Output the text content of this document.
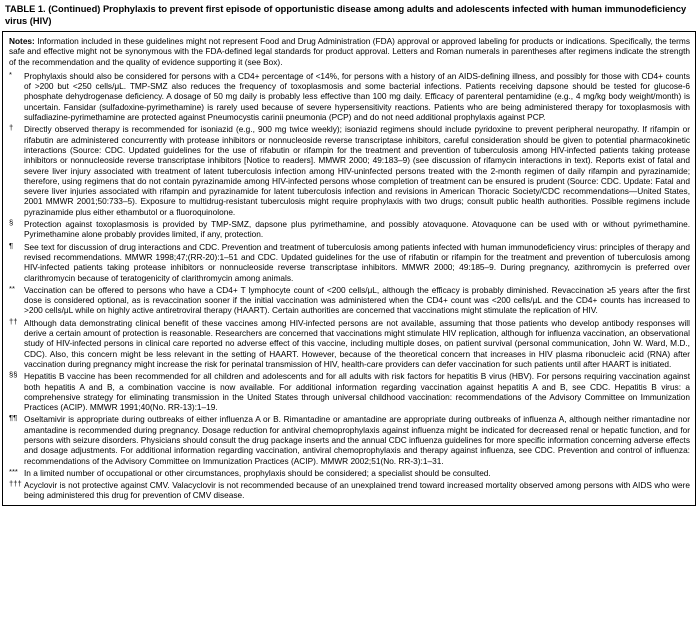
TABLE 1. (Continued) Prophylaxis to prevent first episode of opportunistic disease among adults and adolescents infected with human immunodeficiency virus (HIV)
Notes: Information included in these guidelines might not represent Food and Drug Administration (FDA) approval or approved labeling for products or indications. Specifically, the terms safe and effective might not be synonymous with the FDA-defined legal standards for product approval. Letters and Roman numerals in parentheses after regimens indicate the strength of the recommendation and the quality of evidence supporting it (see Box).
*	Prophylaxis should also be considered for persons with a CD4+ percentage of <14%, for persons with a history of an AIDS-defining illness, and possibly for those with CD4+ counts of >200 but <250 cells/μL. TMP-SMZ also reduces the frequency of toxoplasmosis and some bacterial infections. Patients receiving dapsone should be tested for glucose-6 phosphate dehydrogenase deficiency. A dosage of 50 mg daily is probably less effective than 100 mg daily. Efficacy of parenteral pentamidine (e.g., 4 mg/kg body weight/month) is uncertain. Fansidar (sulfadoxine-pyrimethamine) is rarely used because of severe hypersensitivity reactions. Patients who are being administered therapy for toxoplasmosis with sulfadiazine-pyrimethamine are protected against Pneumocystis carinii pneumonia (PCP) and do not need additional prophylaxis against PCP.
†	Directly observed therapy is recommended for isoniazid (e.g., 900 mg twice weekly); isoniazid regimens should include pyridoxine to prevent peripheral neuropathy. If rifampin or rifabutin are administered concurrently with protease inhibitors or nonnucleoside reverse transcriptase inhibitors, careful consideration should be given to potential pharmacokinetic interactions (Source: CDC. Updated guidelines for the use of rifabutin or rifampin for the treatment and prevention of tuberculosis among HIV-infected patients taking protease inhibitors or nonnucleoside reverse transcriptase inhibitors [Notice to readers]. MMWR 2000; 49:183–9) (see discussion of rifamycin interactions in text). Reports exist of fatal and severe liver injury associated with treatment of latent tuberculosis infection among HIV-uninfected persons treated with the 2-month regimen of daily rifampin and pyrazinamide; therefore, using regimens that do not contain pyrazinamide among HIV-infected persons whose completion of treatment can be ensured is prudent (Source: CDC. Update: Fatal and severe liver injuries associated with rifampin and pyrazinamide for latent tuberculosis infection and revisions in American Thoracic Society/CDC recommendations—United States, 2001 MMWR 2001;50:733–5). Exposure to multidrug-resistant tuberculosis might require prophylaxis with two drugs; consult public health authorities. Possible regimens include pyrazinamide plus either ethambutol or a fluoroquinolone.
§	Protection against toxoplasmosis is provided by TMP-SMZ, dapsone plus pyrimethamine, and possibly atovaquone. Atovaquone can be used with or without pyrimethamine. Pyrimethamine alone probably provides limited, if any, protection.
¶	See text for discussion of drug interactions and CDC. Prevention and treatment of tuberculosis among patients infected with human immunodeficiency virus: principles of therapy and revised recommendations. MMWR 1998;47;(RR-20):1–51 and CDC. Updated guidelines for the use of rifabutin or rifampin for the treatment and prevention of tuberculosis among HIV-infected patients taking protease inhibitors or nonnucleoside reverse transcriptase inhibitors. MMWR 2000; 49:185–9. During pregnancy, azithromycin is preferred over clarithromycin because of teratogenicity of clarithromycin among animals.
**	Vaccination can be offered to persons who have a CD4+ T lymphocyte count of <200 cells/μL, although the efficacy is probably diminished. Revaccination ≥5 years after the first dose is considered optional, as is revaccination sooner if the initial vaccination was administered when the CD4+ count was <200 cells/μL and the CD4+ counts has increased to >200 cells/μL while on highly active antiretroviral therapy (HAART). Certain authorities are concerned that vaccinations might stimulate the replication of HIV.
†† Although data demonstrating clinical benefit of these vaccines among HIV-infected persons are not available, assuming that those patients who develop antibody responses will derive a certain amount of protection is reasonable. Researchers are concerned that vaccinations might stimulate HIV replication, although for influenza vaccination, an observational study of HIV-infected persons in clinical care reported no adverse effect of this vaccine, including multiple doses, on patient survival (personal communication, John W. Ward, M.D., CDC). Also, this concern might be less relevant in the setting of HAART. However, because of the theoretical concern that increases in HIV plasma ribonucleic acid (RNA) after vaccination during pregnancy might increase the risk for perinatal transmission of HIV, health-care providers can defer vaccination for such patients until after HAART is initiated.
§§ Hepatitis B vaccine has been recommended for all children and adolescents and for all adults with risk factors for hepatitis B virus (HBV). For persons requiring vaccination against both hepatitis A and B, a combination vaccine is now available. For additional information regarding vaccination against hepatitis A and B, see CDC. Hepatitis B virus: a comprehensive strategy for eliminating transmission in the United States through universal childhood vaccination: recommendations of the Advisory Committee on Immunization Practices (ACIP). MMWR 1991;40(No. RR-13):1–19.
¶¶ Oseltamivir is appropriate during outbreaks of either influenza A or B. Rimantadine or amantadine are appropriate during outbreaks of influenza A, although neither rimantadine nor amantadine is recommended during pregnancy. Dosage reduction for antiviral chemoprophylaxis against influenza might be indicated for decreased renal or hepatic function, and for persons with seizure disorders. Physicians should consult the drug package inserts and the annual CDC influenza guidelines for more specific information concerning adverse effects and dosage adjustments. For additional information regarding vaccination, antiviral chemoprophylaxis and therapy against influenza, see CDC. Prevention and control of influenza: recommendations of the Advisory Committee on Immunization Practices (ACIP). MMWR 2002;51(No. RR-3):1–31.
*** In a limited number of occupational or other circumstances, prophylaxis should be considered; a specialist should be consulted.
††† Acyclovir is not protective against CMV. Valacyclovir is not recommended because of an unexplained trend toward increased mortality observed among persons with AIDS who were being administered this drug for prevention of CMV disease.
